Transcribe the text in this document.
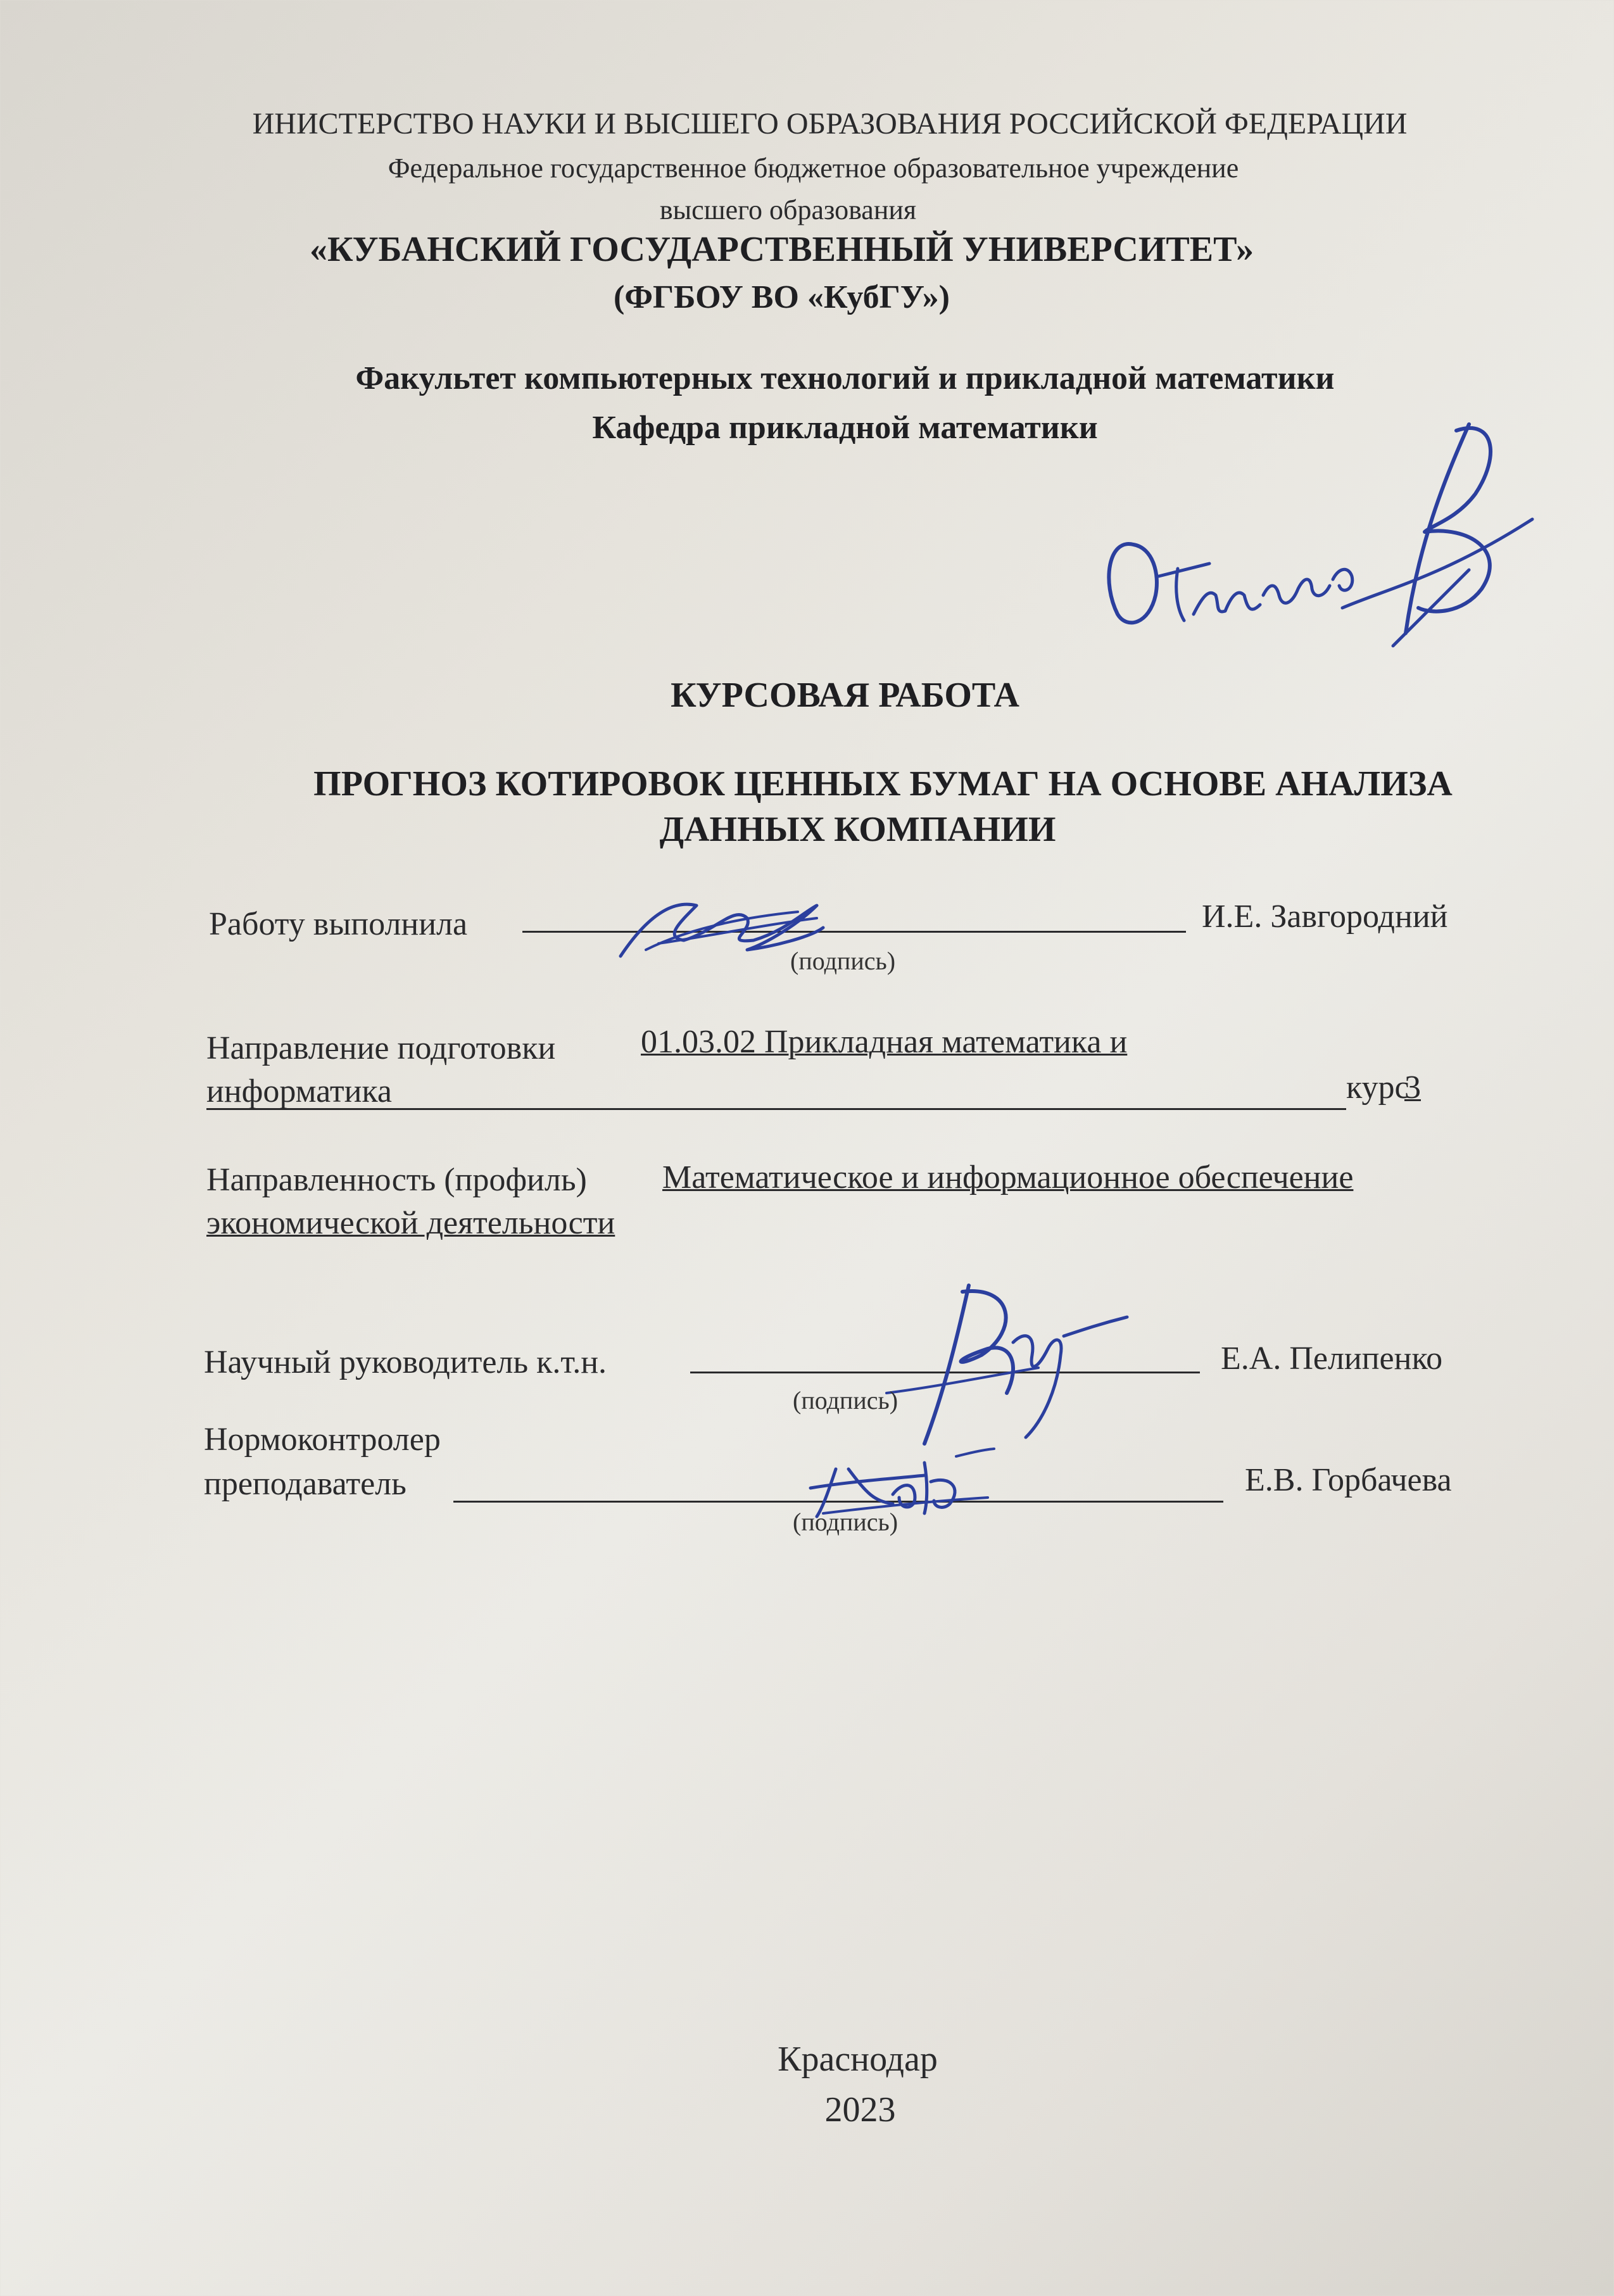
ИНИСТЕРСТВО НАУКИ И ВЫСШЕГО ОБРАЗОВАНИЯ РОССИЙСКОЙ ФЕДЕРАЦИИ
Федеральное государственное бюджетное образовательное учреждение
высшего образования
«КУБАНСКИЙ ГОСУДАРСТВЕННЫЙ УНИВЕРСИТЕТ»
(ФГБОУ ВО «КубГУ»)
Факультет компьютерных технологий и прикладной математики
Кафедра прикладной математики
КУРСОВАЯ РАБОТА
ПРОГНОЗ КОТИРОВОК ЦЕННЫХ БУМАГ НА ОСНОВЕ АНАЛИЗА
ДАННЫХ КОМПАНИИ
Работу выполнила	И.Е. Завгородний
(подпись)
Направление подготовки	01.03.02 Прикладная математика и
информатика	курс
3
Направленность (профиль) Математическое и информационное обеспечение
экономической деятельности
Научный руководитель к.т.н.	Е.А. Пелипенко
(подпись)
Нормоконтролер
преподаватель	Е.В. Горбачева
(подпись)
Краснодар
2023
